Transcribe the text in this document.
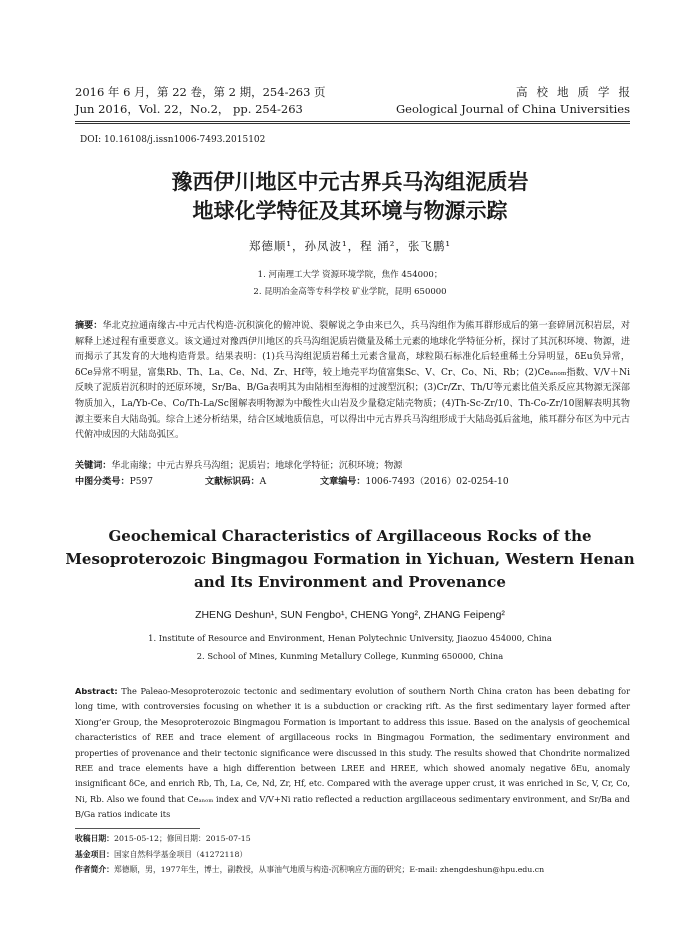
2016 年 6 月，第 22 卷，第 2 期，254-263 页
Jun 2016，Vol. 22，No.2， pp. 254-263
高校地质学报
Geological Journal of China Universities
DOI: 10.16108/j.issn1006-7493.2015102
豫西伊川地区中元古界兵马沟组泥质岩
地球化学特征及其环境与物源示踪
郑德顺¹，孙凤波¹，程 涌²，张飞鹏¹
1. 河南理工大学 资源环境学院，焦作 454000；
2. 昆明冶金高等专科学校 矿业学院，昆明 650000
摘要：华北克拉通南缘古-中元古代构造-沉积演化的俯冲说、裂解说之争由来已久，兵马沟组作为熊耳群形成后的第一套碎屑沉积岩层，对解释上述过程有重要意义。该文通过对豫西伊川地区的兵马沟组泥质岩微量及稀土元素的地球化学特征分析，探讨了其沉积环境、物源，进而揭示了其发育的大地构造背景。结果表明：(1)兵马沟组泥质岩稀土元素含量高，球粒陨石标准化后轻重稀土分异明显，δEu负异常，δCe异常不明显，富集Rb、Th、La、Ce、Nd、Zr、Hf等，较上地壳平均值富集Sc、V、Cr、Co、Ni、Rb；(2)Ceₐₙₒₘ指数、V/V＋Ni反映了泥质岩沉积时的还原环境，Sr/Ba、B/Ga表明其为由陆相至海相的过渡型沉积；(3)Cr/Zr、Th/U等元素比值关系反应其物源无深部物质加入，La/Yb-Ce、Co/Th-La/Sc图解表明物源为中酸性火山岩及少量稳定陆壳物质；(4)Th-Sc-Zr/10、Th-Co-Zr/10图解表明其物源主要来自大陆岛弧。综合上述分析结果，结合区域地质信息，可以得出中元古界兵马沟组形成于大陆岛弧后盆地，熊耳群分布区为中元古代俯冲成因的大陆岛弧区。
关键词：华北南缘；中元古界兵马沟组；泥质岩；地球化学特征；沉积环境；物源
中图分类号：P597	文献标识码：A	文章编号：1006-7493（2016）02-0254-10
Geochemical Characteristics of Argillaceous Rocks of the
Mesoproterozoic Bingmagou Formation in Yichuan, Western Henan
and Its Environment and Provenance
ZHENG Deshun¹, SUN Fengbo¹, CHENG Yong², ZHANG Feipeng²
1. Institute of Resource and Environment, Henan Polytechnic University, Jiaozuo 454000, China
2. School of Mines, Kunming Metallury College, Kunming 650000, China
Abstract: The Paleao-Mesoproterozoic tectonic and sedimentary evolution of southern North China craton has been debating for long time, with controversies focusing on whether it is a subduction or cracking rift. As the first sedimentary layer formed after Xiong’er Group, the Mesoproterozoic Bingmagou Formation is important to address this issue. Based on the analysis of geochemical characteristics of REE and trace element of argillaceous rocks in Bingmagou Formation, the sedimentary environment and properties of provenance and their tectonic significance were discussed in this study. The results showed that Chondrite normalized REE and trace elements have a high differention between LREE and HREE, which showed anomaly negative δEu, anomaly insignificant δCe, and enrich Rb, Th, La, Ce, Nd, Zr, Hf, etc. Compared with the average upper crust, it was enriched in Sc, V, Cr, Co, Ni, Rb. Also we found that Ceₐₙₒₘ index and V/V+Ni ratio reflected a reduction argillaceous sedimentary environment, and Sr/Ba and B/Ga ratios indicate its
收稿日期：2015-05-12；修回日期：2015-07-15
基金项目：国家自然科学基金项目（41272118）
作者简介：郑德顺，男，1977年生，博士，副教授，从事油气地质与构造-沉积响应方面的研究；E-mail: zhengdeshun@hpu.edu.cn
